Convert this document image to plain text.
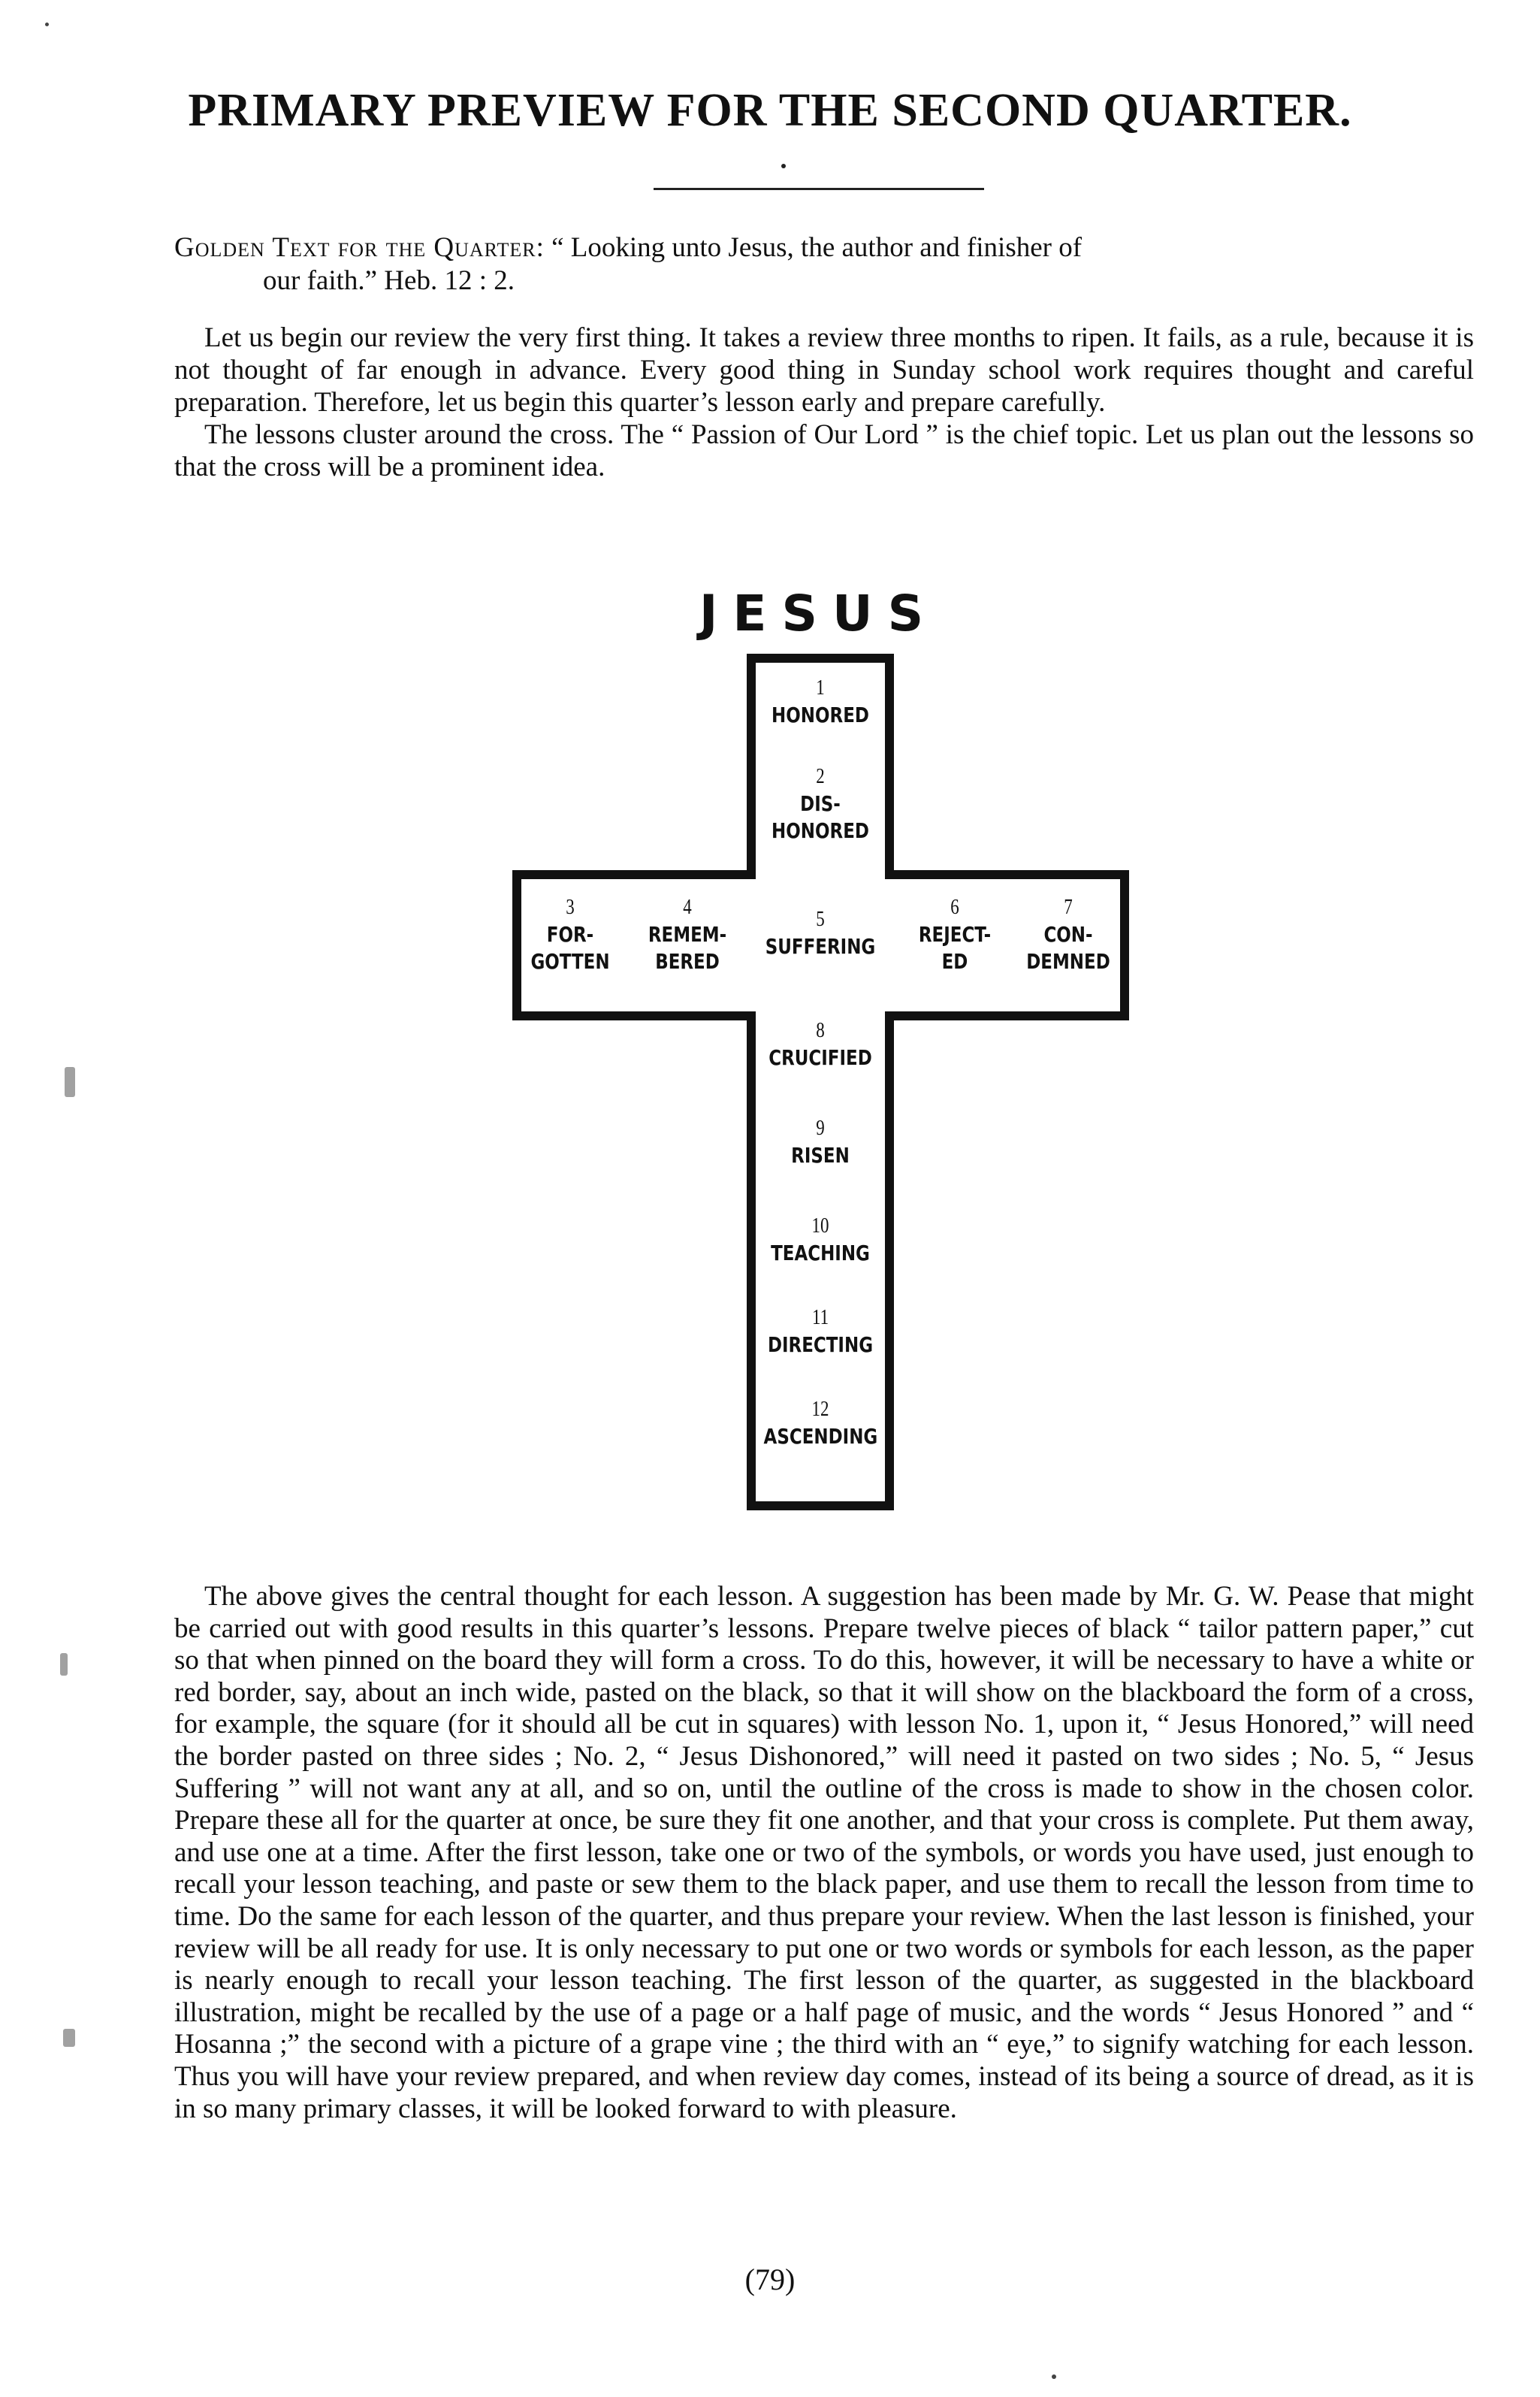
PRIMARY PREVIEW FOR THE SECOND QUARTER.
Golden Text for the Quarter: “ Looking unto Jesus, the author and finisher of
our faith.” Heb. 12 : 2.

Let us begin our review the very first thing. It takes a review three months to ripen. It fails, as a rule, because it is not thought of far enough in advance. Every good thing in Sunday school work requires thought and careful preparation. Therefore, let us begin this quarter’s lesson early and prepare carefully.

The lessons cluster around the cross. The “ Passion of Our Lord ” is the chief topic. Let us plan out the lessons so that the cross will be a prominent idea.

JESUS
1
HONORED
2
DIS-
HONORED
3
FOR-
GOTTEN
4
REMEM-
BERED
5
SUFFERING
6
REJECT-
ED
7
CON-
DEMNED
8
CRUCIFIED
9
RISEN
10
TEACHING
11
DIRECTING
12
ASCENDING

The above gives the central thought for each lesson. A suggestion has been made by Mr. G. W. Pease that might be carried out with good results in this quarter’s lessons. Prepare twelve pieces of black “ tailor pattern paper,” cut so that when pinned on the board they will form a cross. To do this, however, it will be necessary to have a white or red border, say, about an inch wide, pasted on the black, so that it will show on the blackboard the form of a cross, for example, the square (for it should all be cut in squares) with lesson No. 1, upon it, “ Jesus Honored,” will need the border pasted on three sides ; No. 2, “ Jesus Dishonored,” will need it pasted on two sides ; No. 5, “ Jesus Suffering ” will not want any at all, and so on, until the outline of the cross is made to show in the chosen color. Prepare these all for the quarter at once, be sure they fit one another, and that your cross is complete. Put them away, and use one at a time. After the first lesson, take one or two of the symbols, or words you have used, just enough to recall your lesson teaching, and paste or sew them to the black paper, and use them to recall the lesson from time to time. Do the same for each lesson of the quarter, and thus prepare your review. When the last lesson is finished, your review will be all ready for use. It is only necessary to put one or two words or symbols for each lesson, as the paper is nearly enough to recall your lesson teaching. The first lesson of the quarter, as suggested in the blackboard illustration, might be recalled by the use of a page or a half page of music, and the words “ Jesus Honored ” and “ Hosanna ;” the second with a picture of a grape vine ; the third with an “ eye,” to signify watching for each lesson. Thus you will have your review prepared, and when review day comes, instead of its being a source of dread, as it is in so many primary classes, it will be looked forward to with pleasure.

(79)
